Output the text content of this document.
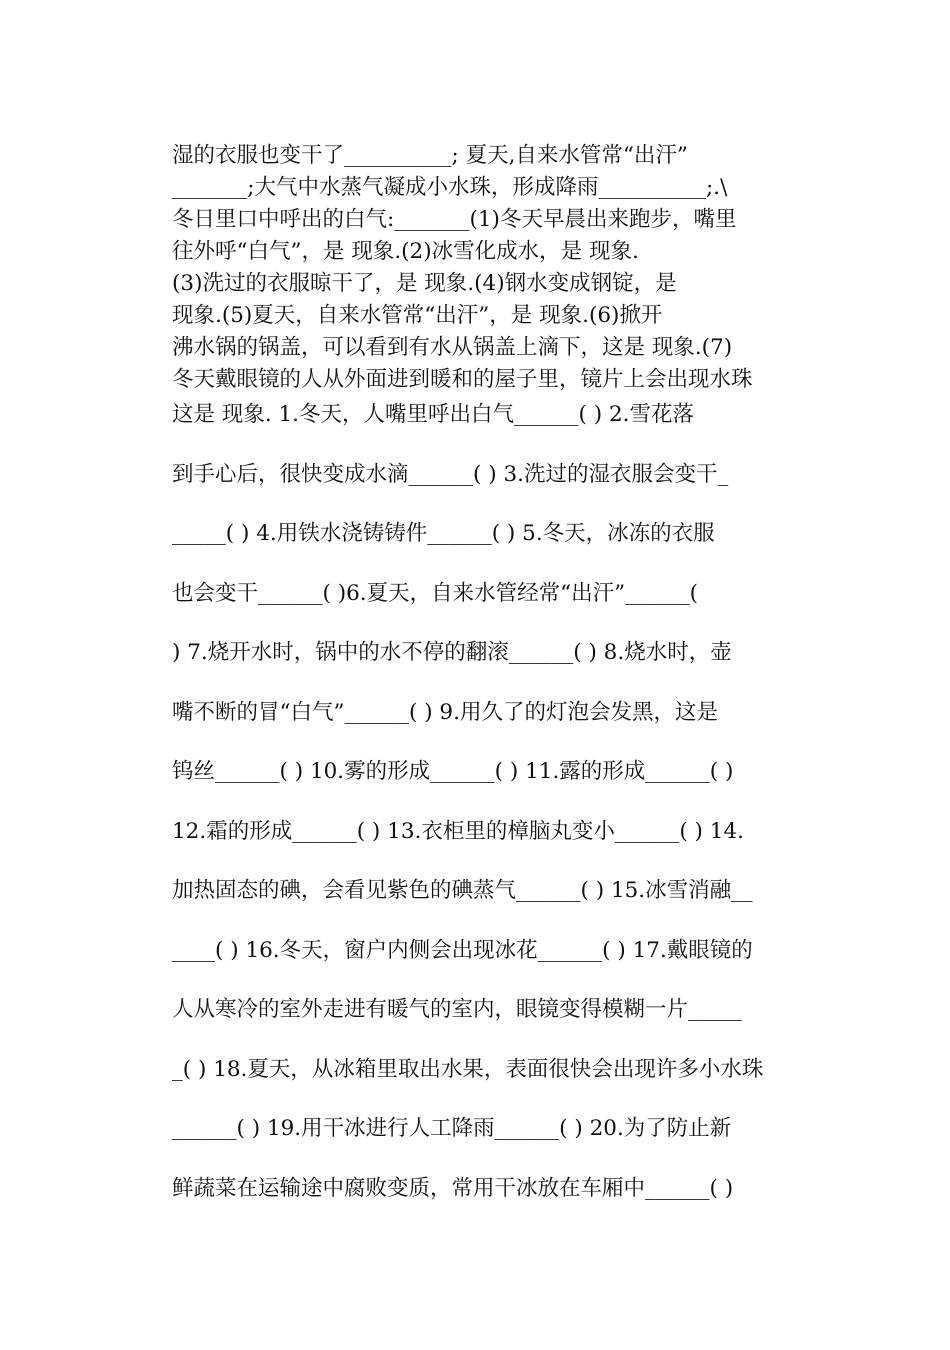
湿的衣服也变干了__________; 夏天,自来水管常“出汗”
_______;大气中水蒸气凝成小水珠，形成降雨__________;.\
冬日里口中呼出的白气:_______(1)冬天早晨出来跑步，嘴里
往外呼“白气”，是 现象.(2)冰雪化成水，是 现象.
(3)洗过的衣服晾干了，是 现象.(4)钢水变成钢锭，是
现象.(5)夏天，自来水管常“出汗”，是 现象.(6)掀开
沸水锅的锅盖，可以看到有水从锅盖上滴下，这是 现象.(7)
冬天戴眼镜的人从外面进到暖和的屋子里，镜片上会出现水珠
这是 现象. 1.冬天，人嘴里呼出白气______( ) 2.雪花落
到手心后，很快变成水滴______( ) 3.洗过的湿衣服会变干_
_____( ) 4.用铁水浇铸铸件______( ) 5.冬天，冰冻的衣服
也会变干______( )6.夏天，自来水管经常“出汗”______(
) 7.烧开水时，锅中的水不停的翻滚______( ) 8.烧水时，壶
嘴不断的冒“白气”______( ) 9.用久了的灯泡会发黑，这是
钨丝______( ) 10.雾的形成______( ) 11.露的形成______( )
12.霜的形成______( ) 13.衣柜里的樟脑丸变小______( ) 14.
加热固态的碘，会看见紫色的碘蒸气______( ) 15.冰雪消融__
____( ) 16.冬天，窗户内侧会出现冰花______( ) 17.戴眼镜的
人从寒冷的室外走进有暖气的室内，眼镜变得模糊一片_____
_( ) 18.夏天，从冰箱里取出水果，表面很快会出现许多小水珠
______( ) 19.用干冰进行人工降雨______( ) 20.为了防止新
鲜蔬菜在运输途中腐败变质，常用干冰放在车厢中______( )
